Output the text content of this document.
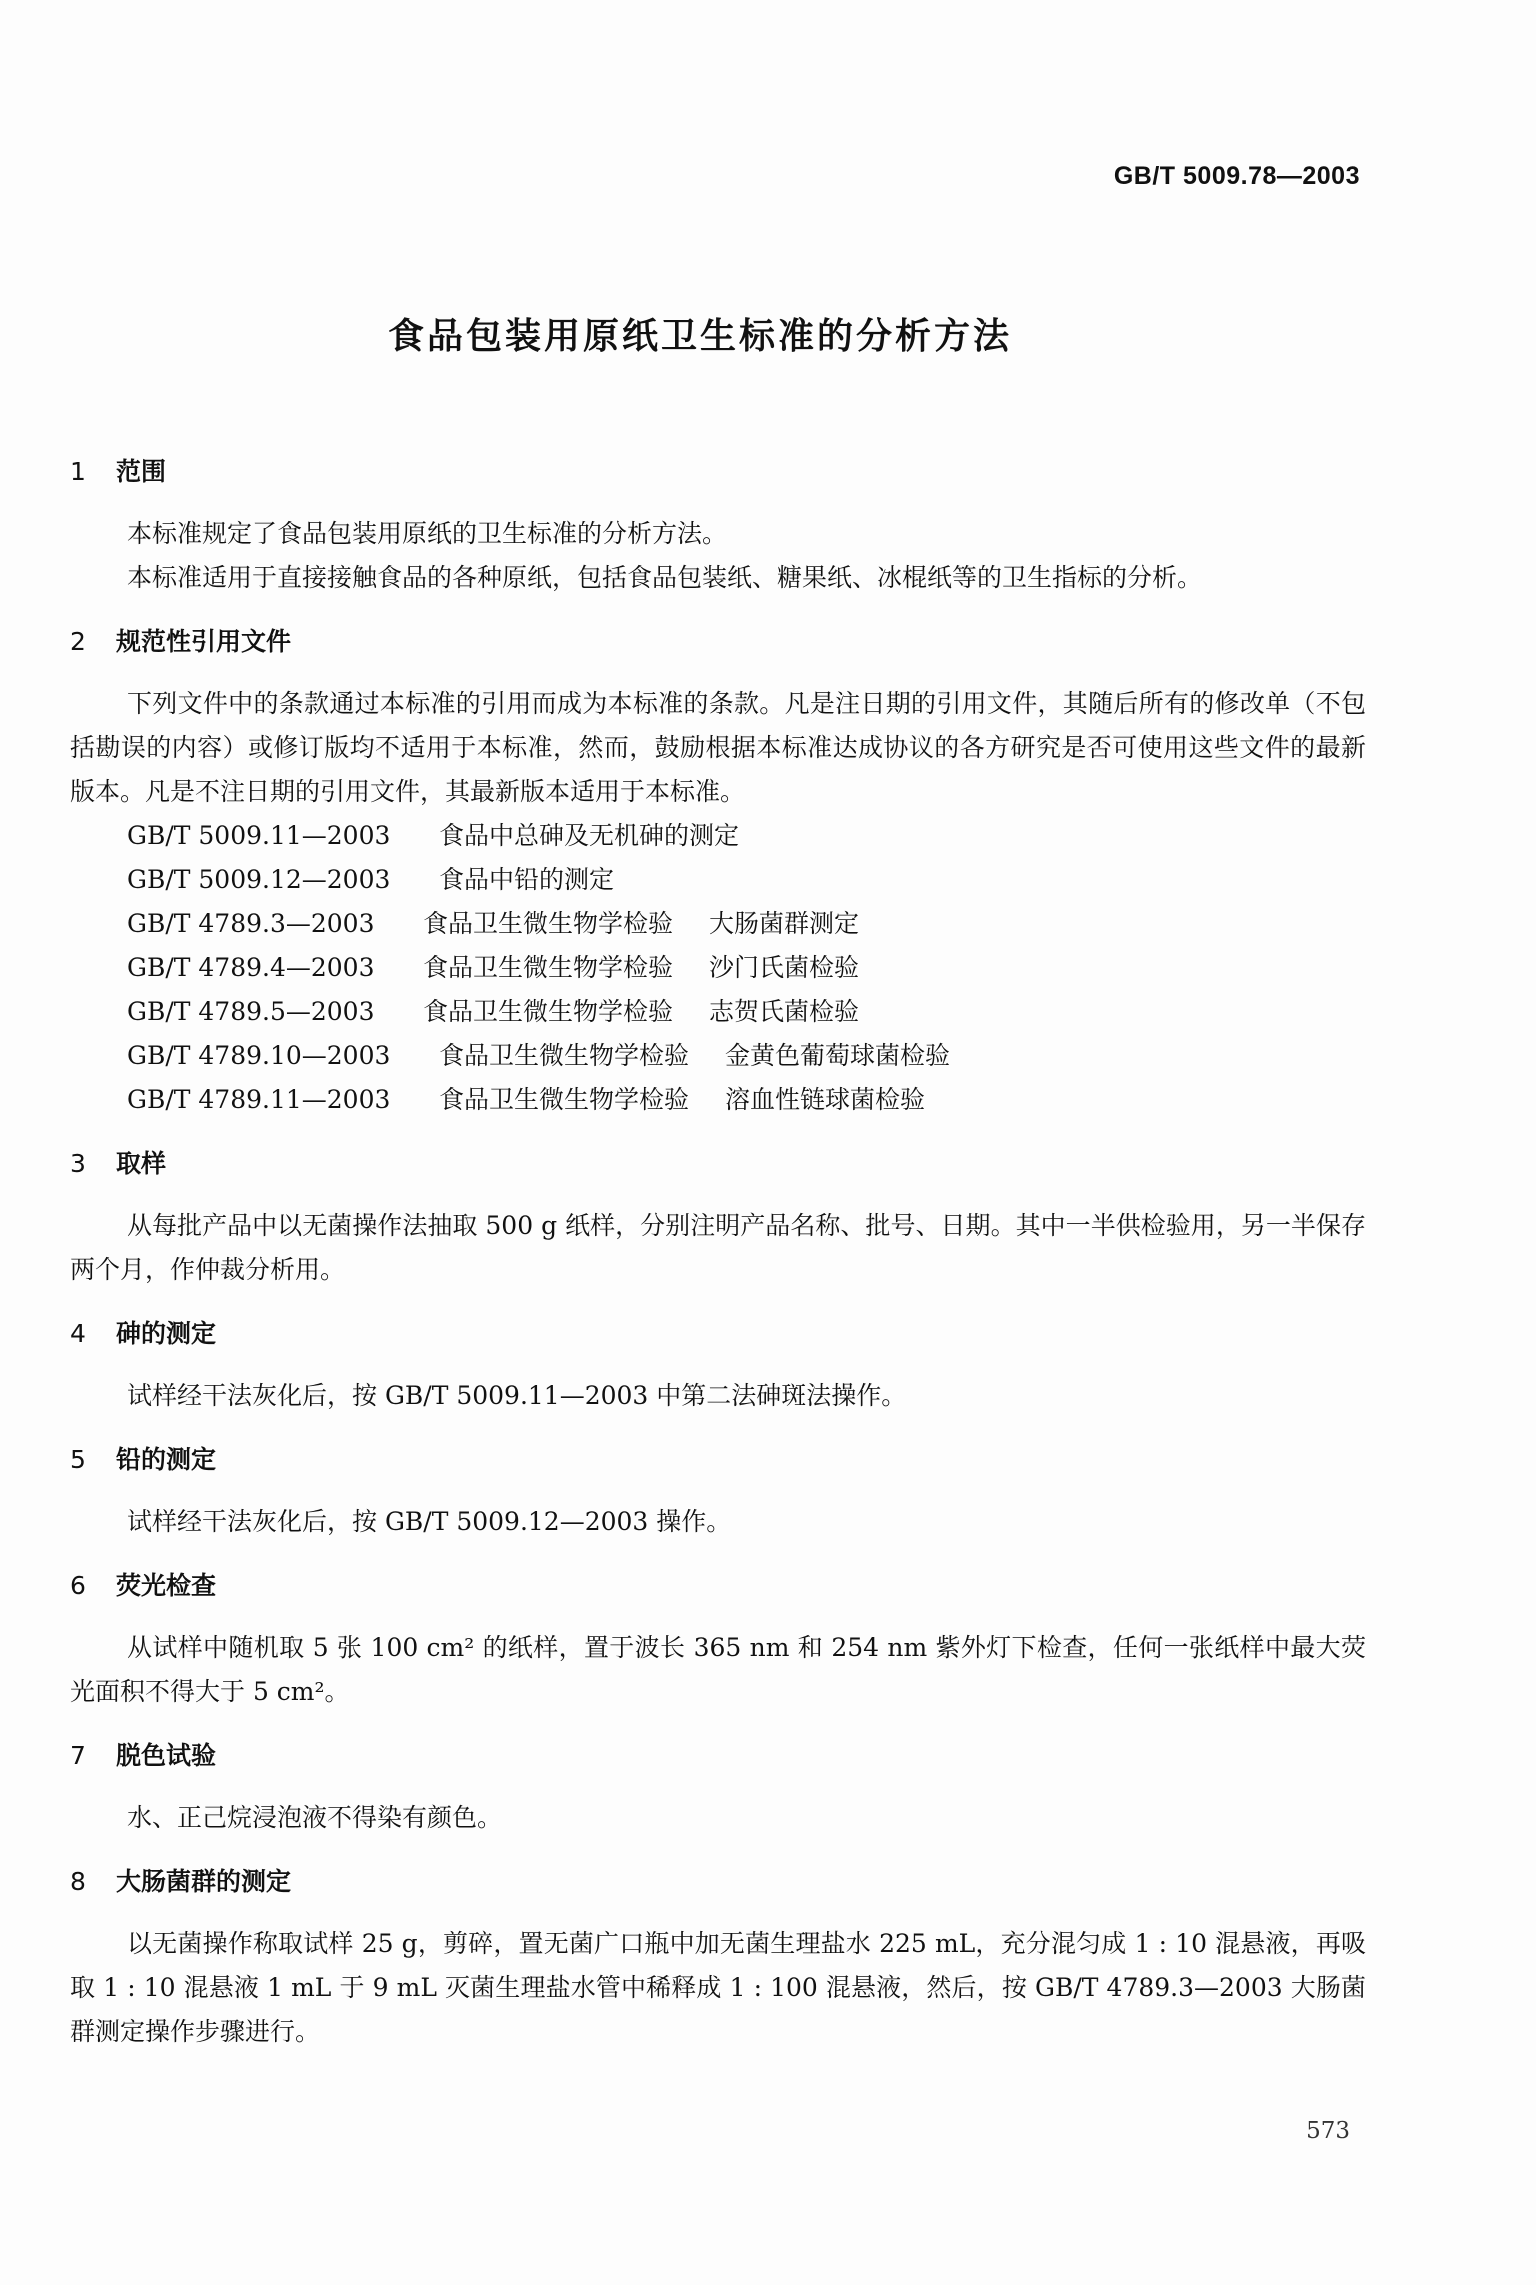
GB/T 5009.78—2003
食品包装用原纸卫生标准的分析方法
1 范围

本标准规定了食品包装用原纸的卫生标准的分析方法。

本标准适用于直接接触食品的各种原纸，包括食品包装纸、糖果纸、冰棍纸等的卫生指标的分析。

2 规范性引用文件

下列文件中的条款通过本标准的引用而成为本标准的条款。凡是注日期的引用文件，其随后所有的修改单（不包括勘误的内容）或修订版均不适用于本标准，然而，鼓励根据本标准达成协议的各方研究是否可使用这些文件的最新版本。凡是不注日期的引用文件，其最新版本适用于本标准。

GB/T 5009.11—2003 食品中总砷及无机砷的测定
GB/T 5009.12—2003 食品中铅的测定
GB/T 4789.3—2003 食品卫生微生物学检验 大肠菌群测定
GB/T 4789.4—2003 食品卫生微生物学检验 沙门氏菌检验
GB/T 4789.5—2003 食品卫生微生物学检验 志贺氏菌检验
GB/T 4789.10—2003 食品卫生微生物学检验 金黄色葡萄球菌检验
GB/T 4789.11—2003 食品卫生微生物学检验 溶血性链球菌检验
3 取样

从每批产品中以无菌操作法抽取 500 g 纸样，分别注明产品名称、批号、日期。其中一半供检验用，另一半保存两个月，作仲裁分析用。

4 砷的测定

试样经干法灰化后，按 GB/T 5009.11—2003 中第二法砷斑法操作。

5 铅的测定

试样经干法灰化后，按 GB/T 5009.12—2003 操作。

6 荧光检查

从试样中随机取 5 张 100 cm² 的纸样，置于波长 365 nm 和 254 nm 紫外灯下检查，任何一张纸样中最大荧光面积不得大于 5 cm²。

7 脱色试验

水、正己烷浸泡液不得染有颜色。

8 大肠菌群的测定

以无菌操作称取试样 25 g，剪碎，置无菌广口瓶中加无菌生理盐水 225 mL，充分混匀成 1 : 10 混悬液，再吸取 1 : 10 混悬液 1 mL 于 9 mL 灭菌生理盐水管中稀释成 1 : 100 混悬液，然后，按 GB/T 4789.3—2003 大肠菌群测定操作步骤进行。

573
